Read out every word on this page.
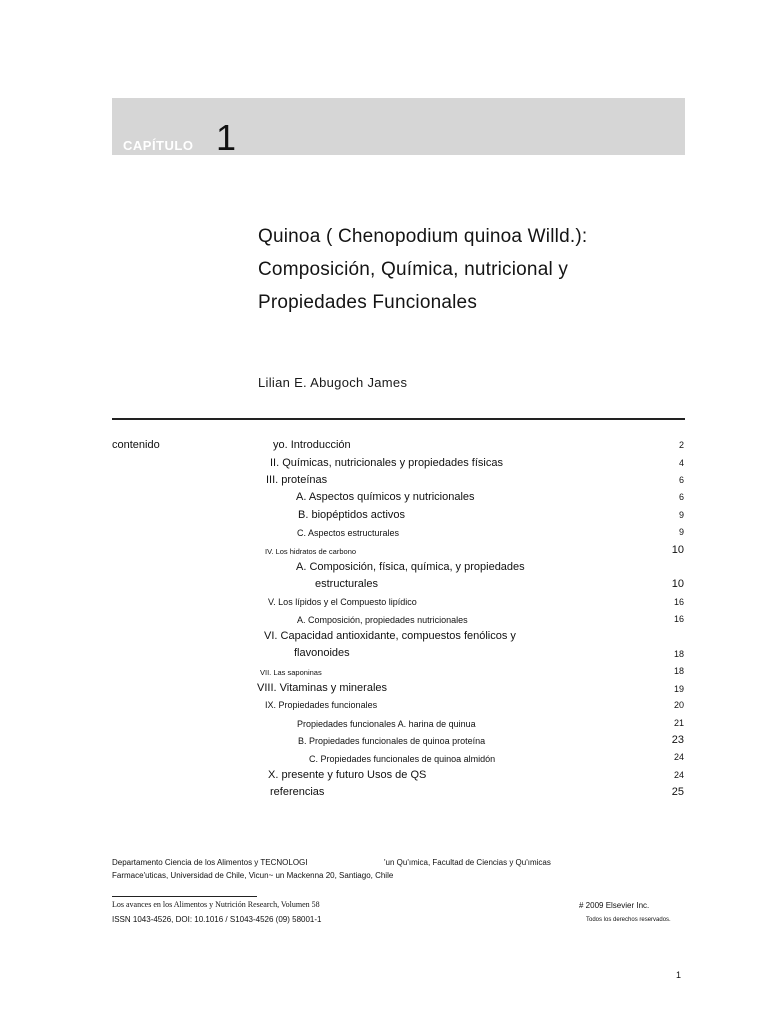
CAPÍTULO 1
Quinoa ( Chenopodium quinoa Willd.):
Composición, Química, nutricional y
Propiedades Funcionales
Lilian E. Abugoch James
contenido	yo. Introducción	2
II. Químicas, nutricionales y propiedades físicas	4
III. proteínas	6
A. Aspectos químicos y nutricionales	6
B. biopéptidos activos	9
C. Aspectos estructurales	9
IV. Los hidratos de carbono	10
A. Composición, física, química, y propiedades
estructurales	10
V. Los lípidos y el Compuesto lipídico	16
A. Composición, propiedades nutricionales	16
VI. Capacidad antioxidante, compuestos fenólicos y
flavonoides	18
VII. Las saponinas	18
VIII. Vitaminas y minerales	19
IX. Propiedades funcionales	20
Propiedades funcionales A. harina de quinua	21
B. Propiedades funcionales de quinoa proteína	23
C. Propiedades funcionales de quinoa almidón	24
X. presente y futuro Usos de QS	24
referencias	25
Departamento Ciencia de los Alimentos y TECNOLOGI	'un Qu'ımica, Facultad de Ciencias y Qu'ımicas
Farmace'uticas, Universidad de Chile, Vicun~ un Mackenna 20, Santiago, Chile
Los avances en los Alimentos y Nutrición Research, Volumen 58	# 2009 Elsevier Inc.
ISSN 1043-4526, DOI: 10.1016 / S1043-4526 (09) 58001-1	Todos los derechos reservados.
1
